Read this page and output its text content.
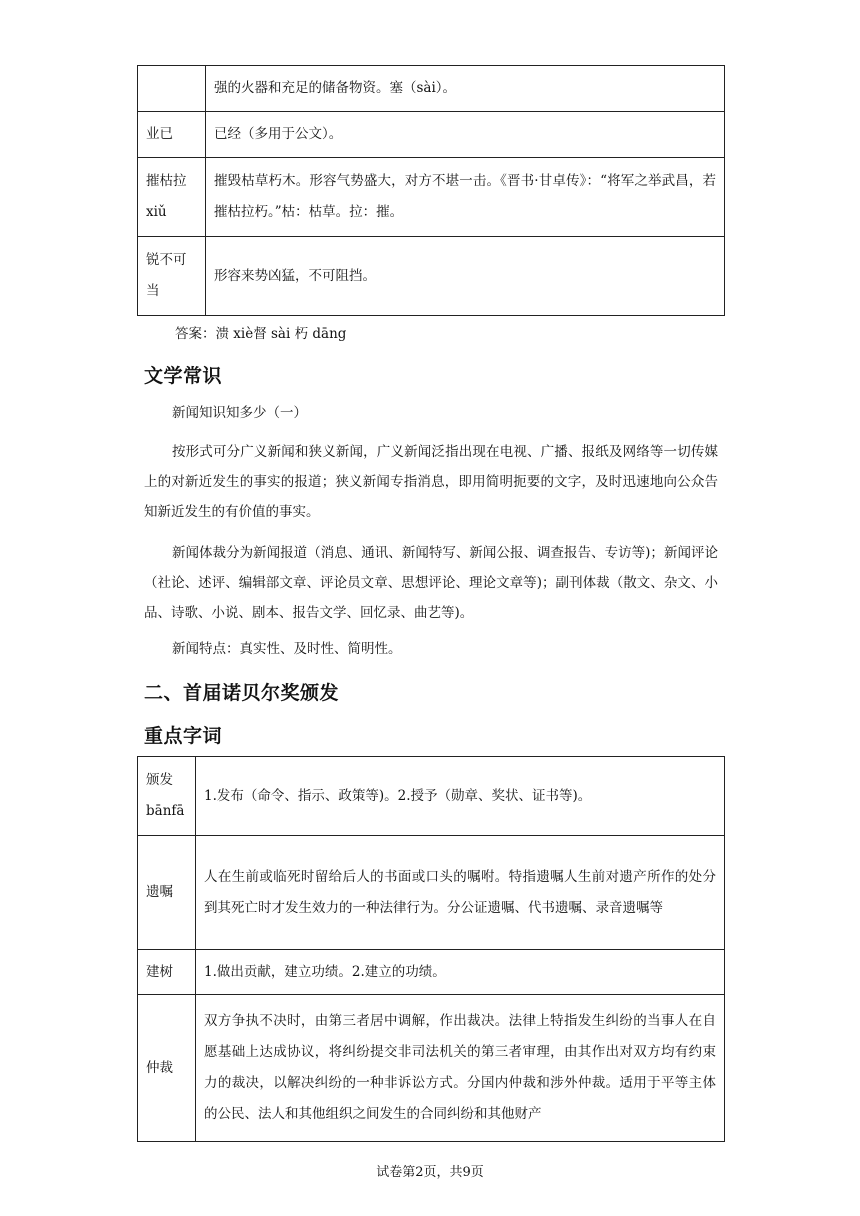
	强的火器和充足的储备物资。塞（sài）。
业已	已经（多用于公文）。
摧枯拉xiǔ	摧毁枯草朽木。形容气势盛大，对方不堪一击。《晋书·甘卓传》：“将军之举武昌，若摧枯拉朽。”枯：枯草。拉：摧。
锐不可当	形容来势凶猛，不可阻挡。
答案：溃 xiè督 sài 朽 dāng
文学常识

新闻知识知多少（一）

按形式可分广义新闻和狭义新闻，广义新闻泛指出现在电视、广播、报纸及网络等一切传媒上的对新近发生的事实的报道；狭义新闻专指消息，即用简明扼要的文字，及时迅速地向公众告知新近发生的有价值的事实。

新闻体裁分为新闻报道（消息、通讯、新闻特写、新闻公报、调查报告、专访等)；新闻评论（社论、述评、编辑部文章、评论员文章、思想评论、理论文章等)；副刊体裁（散文、杂文、小品、诗歌、小说、剧本、报告文学、回忆录、曲艺等)。

新闻特点：真实性、及时性、简明性。

二、首届诺贝尔奖颁发
重点字词
颁发bānfā	1.发布（命令、指示、政策等)。2.授予（勋章、奖状、证书等)。
遗嘱	人在生前或临死时留给后人的书面或口头的嘱咐。特指遗嘱人生前对遗产所作的处分到其死亡时才发生效力的一种法律行为。分公证遗嘱、代书遗嘱、录音遗嘱等
建树	1.做出贡献，建立功绩。2.建立的功绩。
仲裁	双方争执不决时，由第三者居中调解，作出裁决。法律上特指发生纠纷的当事人在自愿基础上达成协议，将纠纷提交非司法机关的第三者审理，由其作出对双方均有约束力的裁决，以解决纠纷的一种非诉讼方式。分国内仲裁和涉外仲裁。适用于平等主体的公民、法人和其他组织之间发生的合同纠纷和其他财产
试卷第2页，共9页
